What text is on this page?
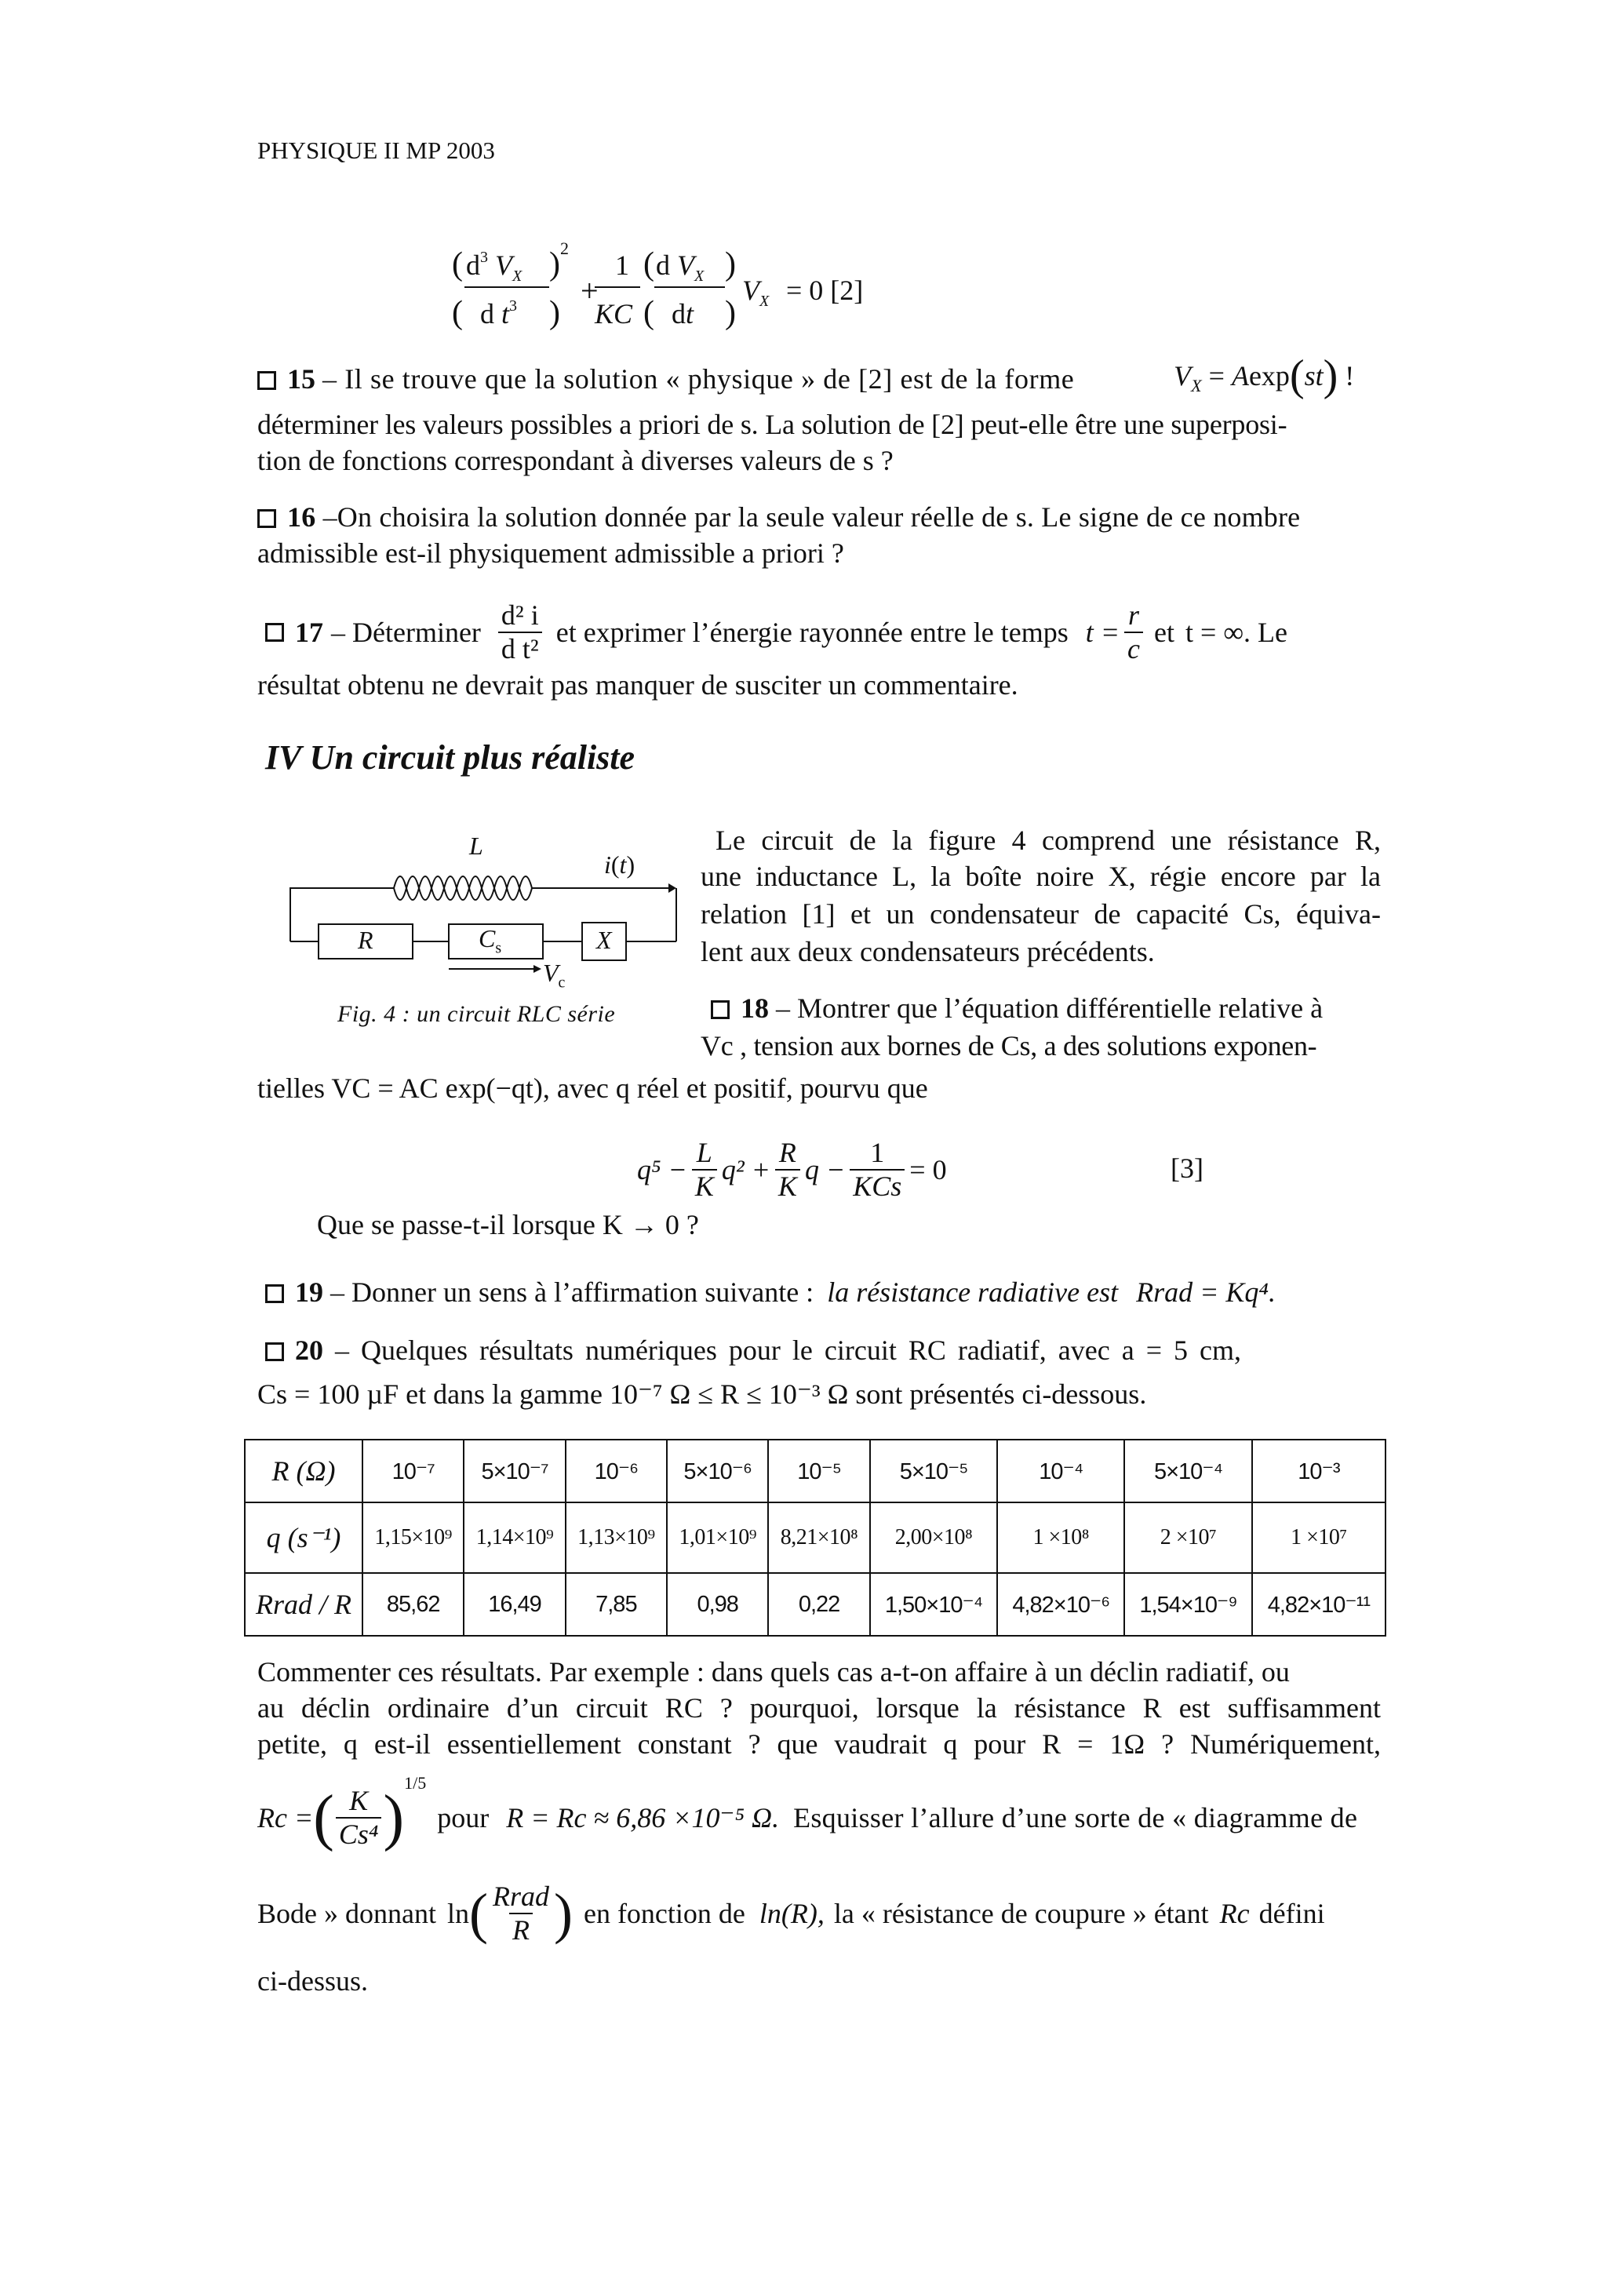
PHYSIQUE II MP 2003
( $d^3$ $V_X$
d $t^3$
(
)
)
2
+
1
KC
(
(
d $V_X$
dt
)
)
$V_X = 0$ [2]
15 – Il se trouve que la solution « physique » de [2] est de la forme	$V_X = Aexp(st)$ !
déterminer les valeurs possibles a priori de s. La solution de [2] peut-elle être une superposi-
tion de fonctions correspondant à diverses valeurs de s ?
16 –On choisira la solution donnée par la seule valeur réelle de s. Le signe de ce nombre
admissible est-il physiquement admissible a priori ?
17 – Déterminer $\frac{\text{d² i}}{\text{d t²}}$ et exprimer l’énergie rayonnée entre le temps $t = \frac{r}{c}$ et t = ∞. Le
résultat obtenu ne devrait pas manquer de susciter un commentaire.
IV Un circuit plus réaliste
L
i(t)
R	$C_s$	X
$V_c$
Fig. 4 : un circuit RLC série
Le circuit de la figure 4 comprend une résistance R,
une inductance L, la boîte noire X, régie encore par la
relation [1] et un condensateur de capacité Cs, équiva-
lent aux deux condensateurs précédents.
18 – Montrer que l’équation différentielle relative à
Vc , tension aux bornes de Cs, a des solutions exponen-
tielles VC = AC exp(−qt), avec q réel et positif, pourvu que
$q^5 - \frac{L}{K} q^2 + \frac{R}{K}$ $q - \frac{1}{\text{KCs}} = 0$	[3]
Que se passe-t-il lorsque K → 0 ?
19 – Donner un sens à l’affirmation suivante : la résistance radiative est Rrad = Kq⁴.
20 – Quelques résultats numériques pour le circuit RC radiatif, avec a = 5 cm,
Cs = 100 µF et dans la gamme 10⁻⁷ Ω ≤ R ≤ 10⁻³ Ω sont présentés ci-dessous.
R (Ω)	10⁻⁷	5×10⁻⁷	10⁻⁶	5×10⁻⁶	10⁻⁵	5×10⁻⁵	10⁻⁴	5×10⁻⁴	10⁻³
q (s⁻¹)	1,15×10⁹	1,14×10⁹	1,13×10⁹	1,01×10⁹	8,21×10⁸	2,00×10⁸	1 ×10⁸	2 ×10⁷	1 ×10⁷
Rrad / R	85,62	16,49	7,85	0,98	0,22	1,50×10⁻⁴	4,82×10⁻⁶	1,54×10⁻⁹	4,82×10⁻¹¹
Commenter ces résultats. Par exemple : dans quels cas a-t-on affaire à un déclin radiatif, ou
au déclin ordinaire d’un circuit RC ? pourquoi, lorsque la résistance R est suffisamment
petite, q est-il essentiellement constant ? que vaudrait q pour R = 1Ω ? Numériquement,
Rc = ( $\frac{K}{\text{Cs⁴}}$ )
1/5
pour R = Rc ≈ 6,86 ×10⁻⁵ Ω. Esquisser l’allure d’une sorte de « diagramme de
Bode » donnant ln ( $\frac{\text{Rrad}}{R}$ ) en fonction de ln(R), la « résistance de coupure » étant Rc défini
ci-dessus.
